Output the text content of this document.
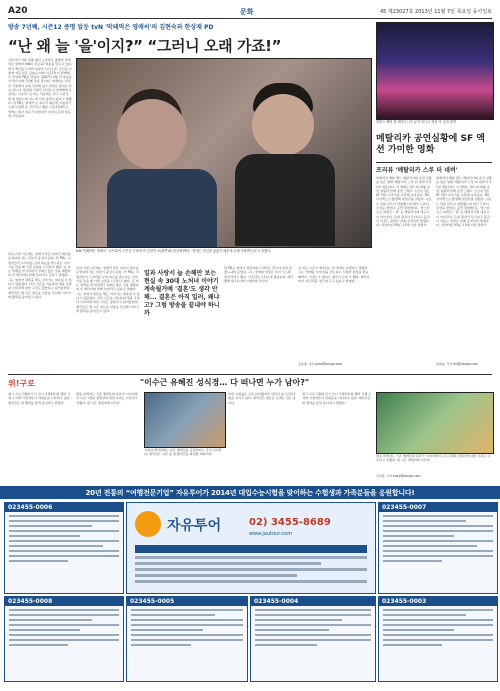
A20	문화	45 제23027호 2013년 11월 7일 목요일 동아일보
방송 7년째, 시즌12 증명 앞둔 tvN '막돼먹은 영애씨'의 김현숙과 한상재 PD
“난 왜 늘 '을'이지?” “그러니 오래 가죠!”
사부자인 다큐 연출 형식 드라마로 출발한 막돼먹은 영애씨 tvN이 시즌12 방송을 앞두고 있다. 한국 케이블 드라마 최장수 시리즈다. 주인공 이영애 역을 맡은 김현숙 씨와 시즌1부터 함께해 온 한상재 PD를 만났다. 2007년 4월 첫 방송을 시작한 이래 7년째 방송 중이다. 영애씨는 여전히 직장에서 을의 처지에 있고 연애도 뜻대로 되지 않는다. 현실의 직장인 여성들이 영애에게 공감하는 이유다. 김 씨는 처음에는 한두 시즌만 할 줄 알았는데 어느새 서른 중반이 됐다고 말했다. 한 PD는 영애가 늘 을이기 때문에 시청자가 오래 사랑해 준 것이라고 했다. 시즌12에서도 영애는 회사 대표가 되었지만 여전히 갑의 횡포에 시달린다.
특히 이번 시즌에는 영애가 작은 디자인 회사를 운영하며 겪는 일들이 중심이 된다. 한 PD는 시청자들이 드라마를 보며 위로를 받는다는 이야기를 들을 때 가장 보람을 느낀다고 했다. 김 씨는 영애를 연기하면서 실제로 많은 것을 배웠다며 이 캐릭터와 함께 늙어가고 싶다고 말했다. 그는 영애가 결혼을 해도 이야기는 계속될 수 있다고 덧붙였다. 다만 시즌을 거듭하며 체중 조절과 이미지에 대한 고민도 많았다고 털어놓았다. 제작진은 매 시즌 새로운 인물을 투입해 이야기에 활력을 불어넣고 있다.
tvN '막돼먹은 영애씨' 시즌12의 주인공 이영애 역 김현숙 씨(왼쪽)와 한상재 PD는 '영애는 현실을 닮았기 때문에 오래 사랑받는다'고 말했다.
특히 이번 시즌에는 영애가 작은 디자인 회사를 운영하며 겪는 일들이 중심이 된다. 한 PD는 시청자들이 드라마를 보며 위로를 받는다는 이야기를 들을 때 가장 보람을 느낀다고 했다. 김 씨는 영애를 연기하면서 실제로 많은 것을 배웠다며 이 캐릭터와 함께 늙어가고 싶다고 말했다. 그는 영애가 결혼을 해도 이야기는 계속될 수 있다고 덧붙였다. 다만 시즌을 거듭하며 체중 조절과 이미지에 대한 고민도 많았다고 털어놓았다. 제작진은 매 시즌 새로운 인물을 투입해 이야기에 활력을 불어넣고 있다.
일과 사랑서 늘 손해만 보는 현실 속 30대 노처녀 이야기 계속될거예 '결혼'도 생각 안 해... 결혼은 아직 일러, 왜냐고? 그럼 방송을 끝내야 하니까
한 PD는 영애가 결혼하면 드라마도 끝나야 하지 않겠느냐며 웃었다. 그는 영애의 일상은 우리 모두의 일상이라고 했다. 시즌12는 11일 첫 방송된다. 매주 월화 밤 11시에 시청자와 만난다.
김 씨는 시즌이 계속되는 한 영애로 살겠다고 말했다. 그는 '영애를 보며 힘을 얻는다는 시청자 편지를 받을 때마다 그만둘 수 없다는 생각이 든다'고 했다. 제작진 역시 시즌13을 염두에 두고 있다고 밝혔다.
김윤종 기자 zozo@donga.com
비틀스 멤버 폴 매카트니의 뮤직 비디오 영상 속 공연 장면.
메탈리카 공연실황에 SF 액션 가미한 영화
프리뷰 '메탈리카 스루 더 네버'
세계적인 메탈 밴드 메탈리카의 공연 실황을 담은 영화 '메탈리카 스루 더 네버'가 21일 개봉한다. 이 영화는 밴드의 대형 공연 실황과 함께 공연 스태프 소년이 겪는 SF 액션 이야기를 교차해 보여준다. 3D 아이맥스로 촬영해 현장감을 살렸다. 님로드 안탈 감독이 연출했으며 데인 드한이 주연을 맡았다. 공연 장면에서는 '마스터 오브 퍼펫츠', '원' 등 메탈리카의 대표곡이 이어진다. 무대 장치가 무너지고 불길이 치솟는 장면은 실제 공연처럼 생생하다. 러닝타임 93분, 15세 이상 관람가.
세계적인 메탈 밴드 메탈리카의 공연 실황을 담은 영화 '메탈리카 스루 더 네버'가 21일 개봉한다. 이 영화는 밴드의 대형 공연 실황과 함께 공연 스태프 소년이 겪는 SF 액션 이야기를 교차해 보여준다. 3D 아이맥스로 촬영해 현장감을 살렸다. 님로드 안탈 감독이 연출했으며 데인 드한이 주연을 맡았다. 공연 장면에서는 '마스터 오브 퍼펫츠', '원' 등 메탈리카의 대표곡이 이어진다. 무대 장치가 무너지고 불길이 치솟는 장면은 실제 공연처럼 생생하다. 러닝타임 93분, 15세 이상 관람가.
임희윤 기자 imi@donga.com
위!구로	"이수근 유혜진 성식경… 다 떠나면 누가 남아?"
개그 프로그램의 인기 코너 '1박2일'의 멤버 교체 소식에 시청자들이 아쉬움을 나타내고 있다. 제작진은 새 멤버를 물색 중이라고 밝혔다.
방송 관계자는 기존 멤버들의 하차가 이어지면서 프로그램의 정체성에 대한 우려도 나온다고 전했다. 새 시즌 재정비에 나선다.
시청자 게시판에는 남은 멤버들을 응원한다는 글이 이어졌다. 제작진은 이달 중 새 출연진을 확정할 계획이다.
한편 시청률은 소폭 하락했지만 여전히 동시간대 1위를 지키고 있다. 제작진은 새로운 포맷도 검토 중이다.
개그 프로그램의 인기 코너 '1박2일'의 멤버 교체 소식에 시청자들이 아쉬움을 나타내고 있다. 제작진은 새 멤버를 물색 중이라고 밝혔다.
방송 관계자는 기존 멤버들의 하차가 이어지면서 프로그램의 정체성에 대한 우려도 나온다고 전했다. 새 시즌 재정비에 나선다.
이지훈 기자 easy@donga.com
20년 전통의 “여행전문기업” 자유투어가 2014년 대입수능시험을 맞이하는 수험생과 가족분들을 응원합니다!
023455-0006	023455-0007
자유투어	02) 3455-8689
www.jautour.com
023455-0008	023455-0005	023455-0004	023455-0003
